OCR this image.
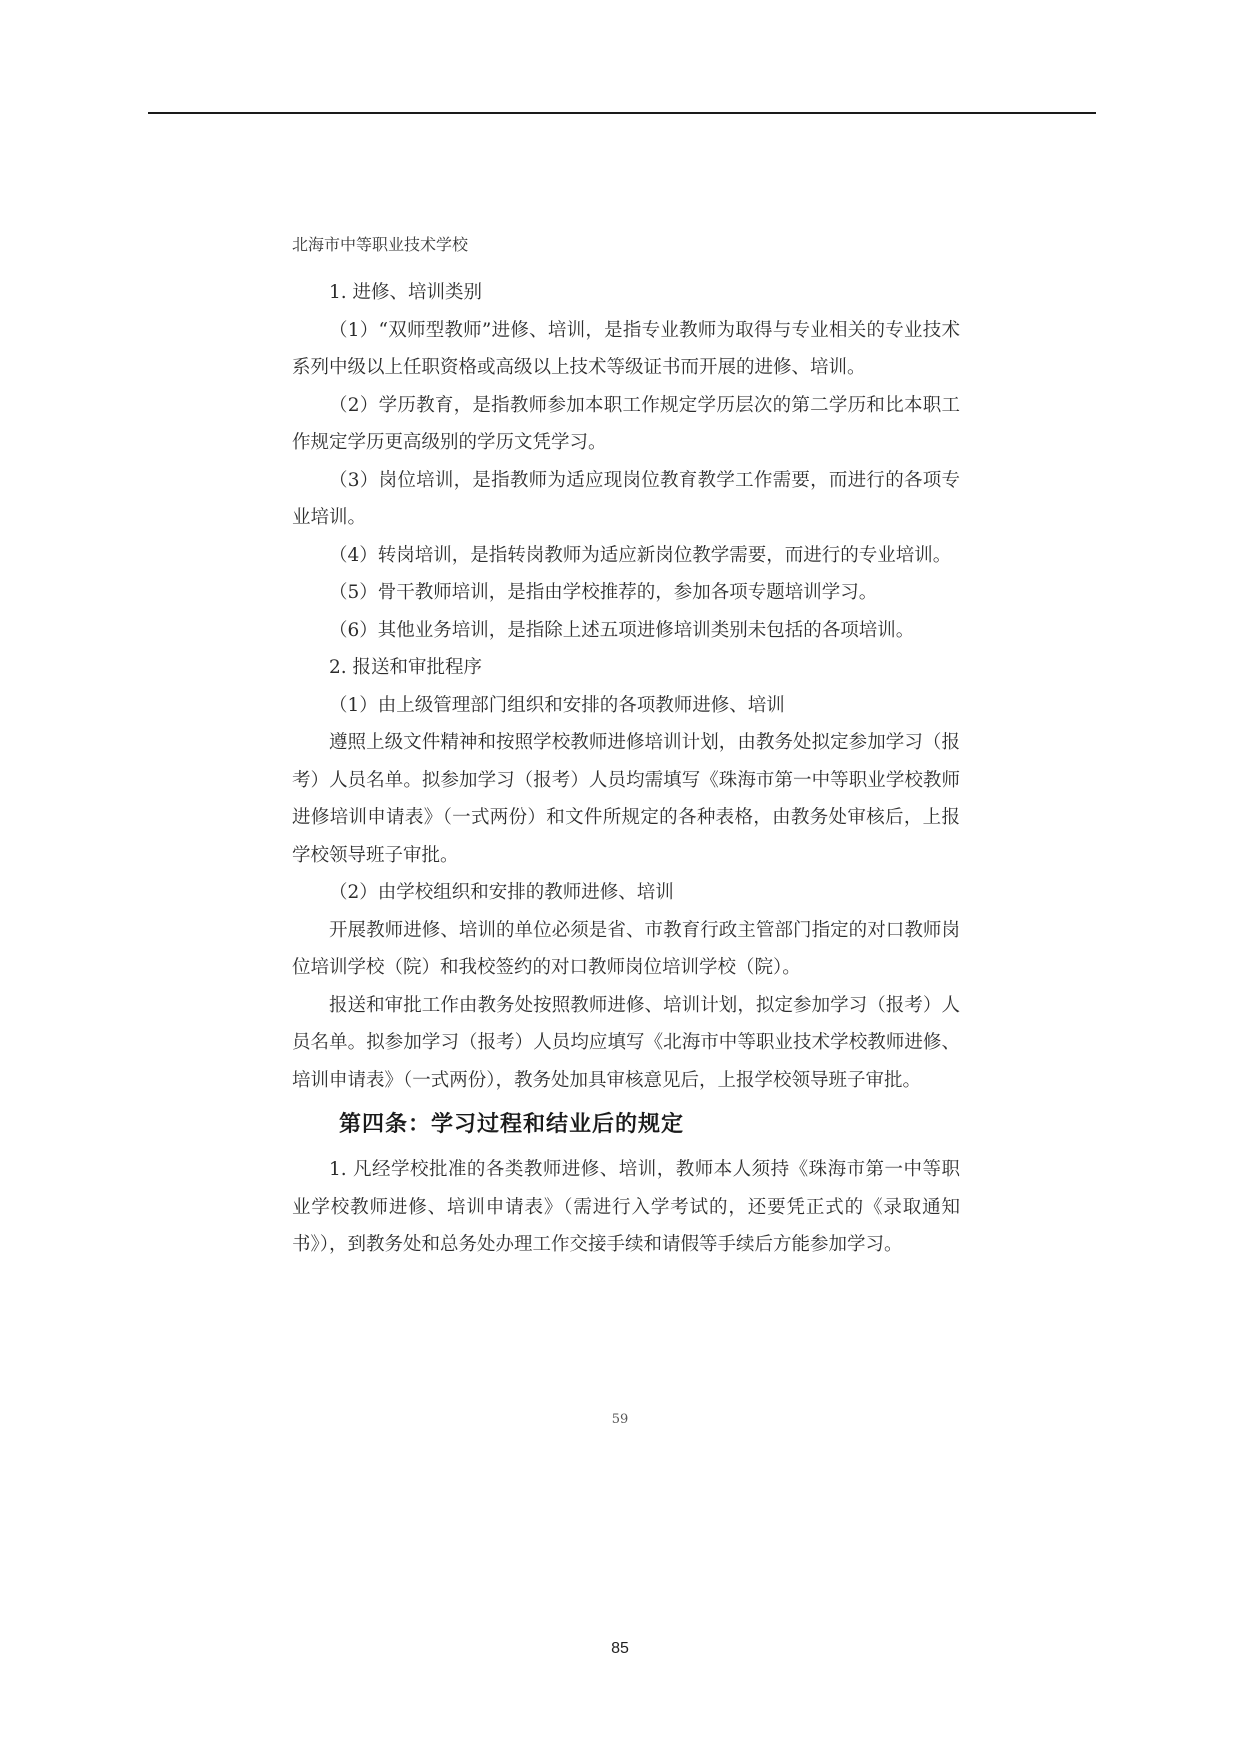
北海市中等职业技术学校

1. 进修、培训类别

（1）“双师型教师”进修、培训，是指专业教师为取得与专业相关的专业技术系列中级以上任职资格或高级以上技术等级证书而开展的进修、培训。

（2）学历教育，是指教师参加本职工作规定学历层次的第二学历和比本职工作规定学历更高级别的学历文凭学习。

（3）岗位培训，是指教师为适应现岗位教育教学工作需要，而进行的各项专业培训。

（4）转岗培训，是指转岗教师为适应新岗位教学需要，而进行的专业培训。

（5）骨干教师培训，是指由学校推荐的，参加各项专题培训学习。

（6）其他业务培训，是指除上述五项进修培训类别未包括的各项培训。

2. 报送和审批程序

（1）由上级管理部门组织和安排的各项教师进修、培训

遵照上级文件精神和按照学校教师进修培训计划，由教务处拟定参加学习（报考）人员名单。拟参加学习（报考）人员均需填写《珠海市第一中等职业学校教师进修培训申请表》（一式两份）和文件所规定的各种表格，由教务处审核后，上报学校领导班子审批。

（2）由学校组织和安排的教师进修、培训

开展教师进修、培训的单位必须是省、市教育行政主管部门指定的对口教师岗位培训学校（院）和我校签约的对口教师岗位培训学校（院）。

报送和审批工作由教务处按照教师进修、培训计划，拟定参加学习（报考）人员名单。拟参加学习（报考）人员均应填写《北海市中等职业技术学校教师进修、培训申请表》（一式两份），教务处加具审核意见后，上报学校领导班子审批。

第四条：学习过程和结业后的规定

1. 凡经学校批准的各类教师进修、培训，教师本人须持《珠海市第一中等职业学校教师进修、培训申请表》（需进行入学考试的，还要凭正式的《录取通知书》），到教务处和总务处办理工作交接手续和请假等手续后方能参加学习。

59
85
